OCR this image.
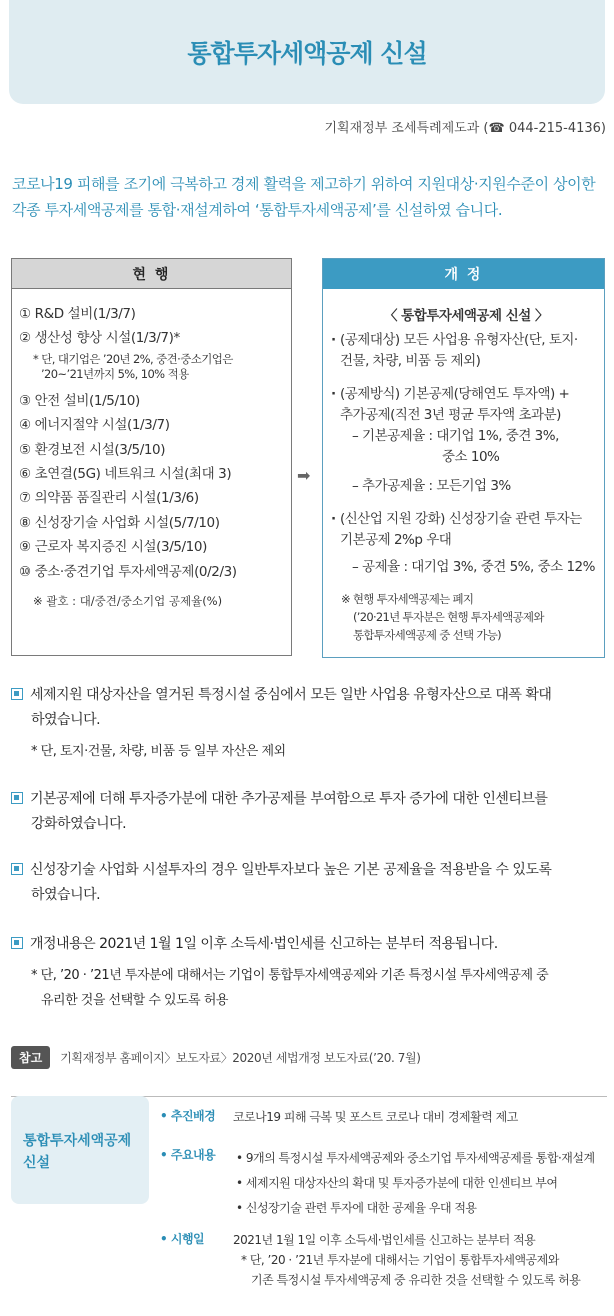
통합투자세액공제 신설
기획재정부 조세특례제도과 (☎ 044-215-4136)
코로나19 피해를 조기에 극복하고 경제 활력을 제고하기 위하여 지원대상·지원수준이 상이한 각종 투자세액공제를 통합·재설계하여 ‘통합투자세액공제’를 신설하였 습니다.
현 행
① R&D 설비(1/3/7)
② 생산성 향상 시설(1/3/7)*
* 단, 대기업은 ’20년 2%, 중견·중소기업은
’20~’21년까지 5%, 10% 적용
③ 안전 설비(1/5/10)
④ 에너지절약 시설(1/3/7)
⑤ 환경보전 시설(3/5/10)
⑥ 초연결(5G) 네트워크 시설(최대 3)
⑦ 의약품 품질관리 시설(1/3/6)
⑧ 신성장기술 사업화 시설(5/7/10)
⑨ 근로자 복지증진 시설(3/5/10)
⑩ 중소·중견기업 투자세액공제(0/2/3)
※ 괄호 : 대/중견/중소기업 공제율(%)
➡
개 정
〈 통합투자세액공제 신설 〉
· (공제대상) 모든 사업용 유형자산(단, 토지·
건물, 차량, 비품 등 제외)
· (공제방식) 기본공제(당해연도 투자액) +
추가공제(직전 3년 평균 투자액 초과분)
– 기본공제율 : 대기업 1%, 중견 3%,
중소 10%
– 추가공제율 : 모든기업 3%
· (신산업 지원 강화) 신성장기술 관련 투자는
기본공제 2%p 우대
– 공제율 : 대기업 3%, 중견 5%, 중소 12%
※ 현행 투자세액공제는 폐지
(’20·21년 투자분은 현행 투자세액공제와
통합투자세액공제 중 선택 가능)
세제지원 대상자산을 열거된 특정시설 중심에서 모든 일반 사업용 유형자산으로 대폭 확대
하였습니다.
* 단, 토지·건물, 차량, 비품 등 일부 자산은 제외
기본공제에 더해 투자증가분에 대한 추가공제를 부여함으로 투자 증가에 대한 인센티브를
강화하였습니다.
신성장기술 사업화 시설투자의 경우 일반투자보다 높은 기본 공제율을 적용받을 수 있도록
하였습니다.
개정내용은 2021년 1월 1일 이후 소득세·법인세를 신고하는 분부터 적용됩니다.
* 단, ’20 · ’21년 투자분에 대해서는 기업이 통합투자세액공제와 기존 특정시설 투자세액공제 중
유리한 것을 선택할 수 있도록 허용
참고	기획재정부 홈페이지〉보도자료〉2020년 세법개정 보도자료(’20. 7월)
통합투자세액공제 신설
• 추진배경 코로나19 피해 극복 및 포스트 코로나 대비 경제활력 제고
• 주요내용 • 9개의 특정시설 투자세액공제와 중소기업 투자세액공제를 통합·재설계
• 세제지원 대상자산의 확대 및 투자증가분에 대한 인센티브 부여
• 신성장기술 관련 투자에 대한 공제율 우대 적용
• 시행일 2021년 1월 1일 이후 소득세·법인세를 신고하는 분부터 적용
* 단, ’20 · ’21년 투자분에 대해서는 기업이 통합투자세액공제와
기존 특정시설 투자세액공제 중 유리한 것을 선택할 수 있도록 허용
